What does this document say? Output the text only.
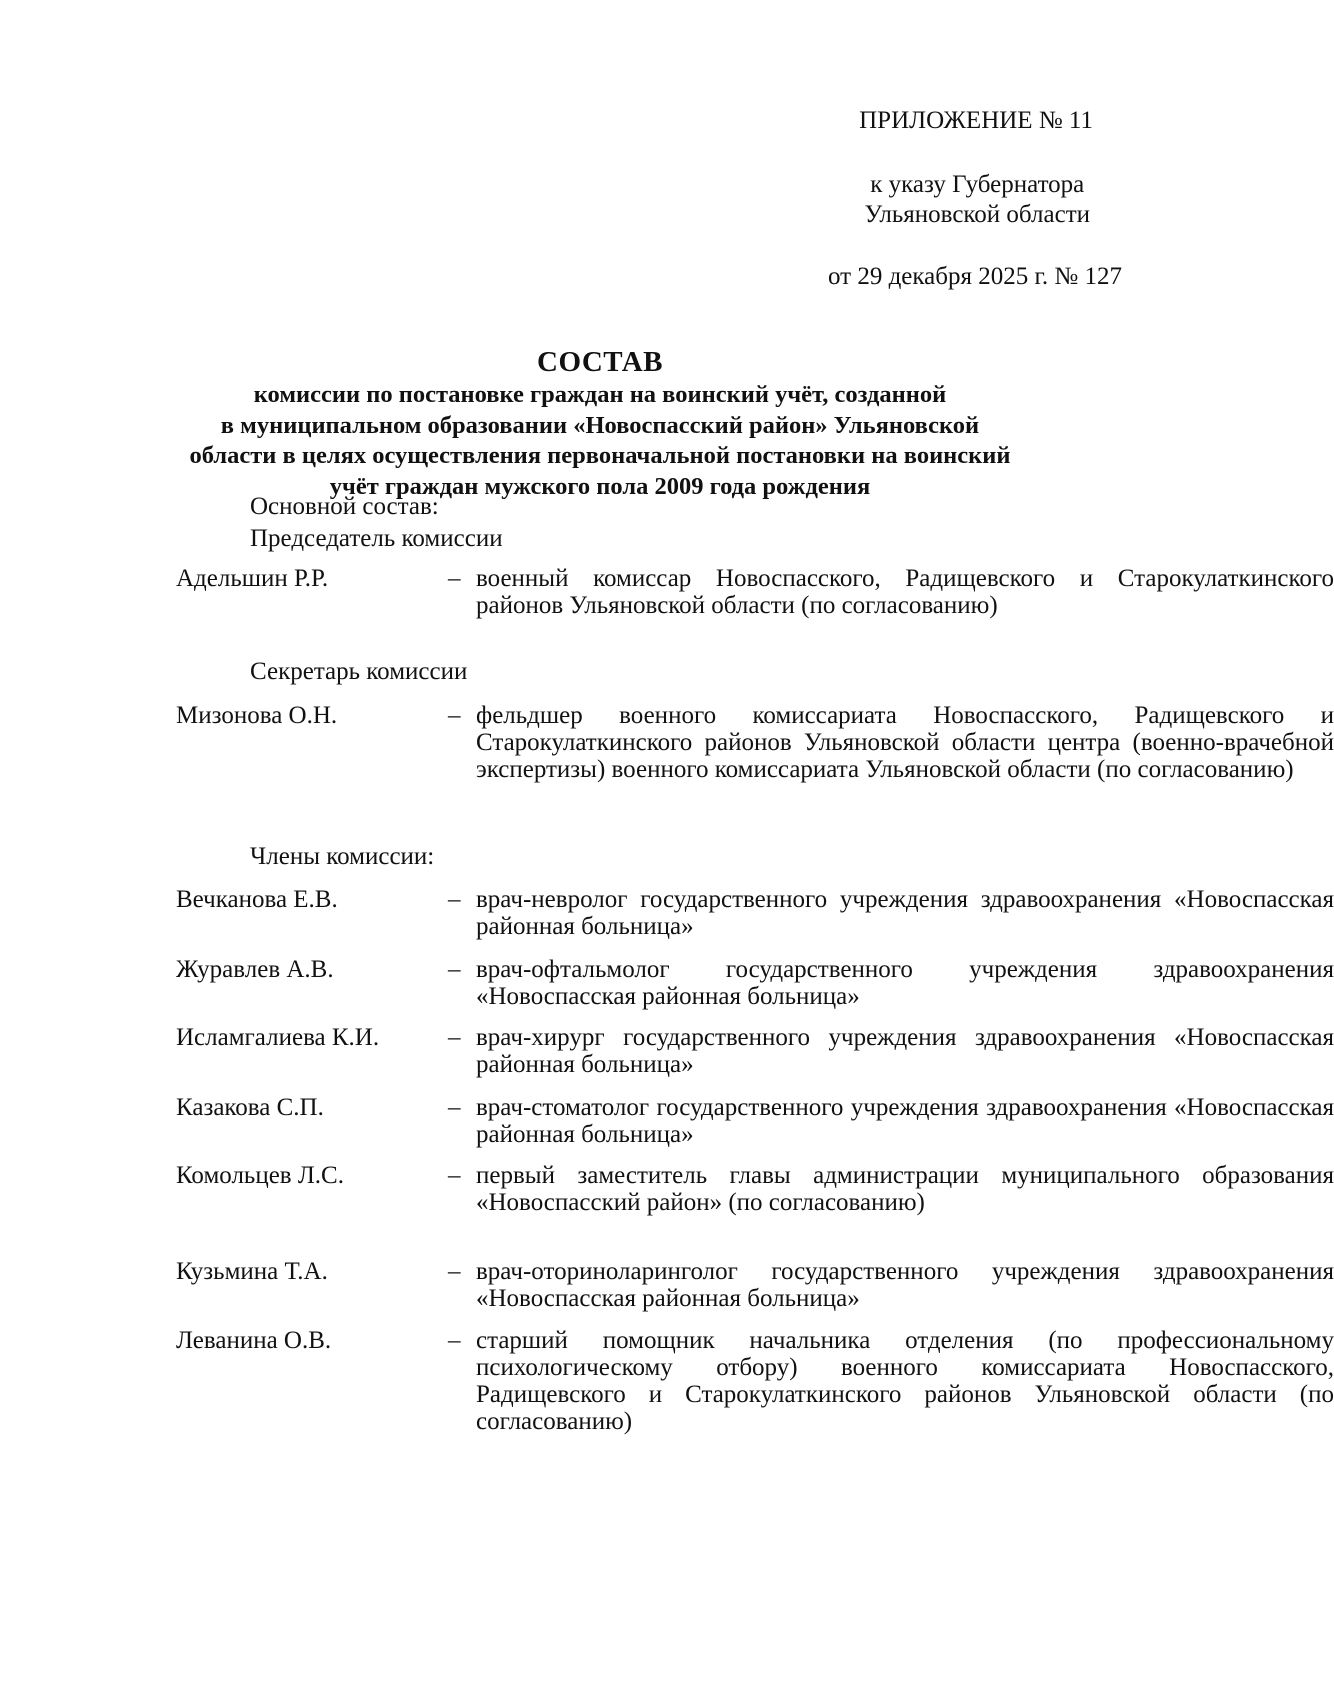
ПРИЛОЖЕНИЕ № 11
к указу Губернатора
Ульяновской области
от 29 декабря 2025 г. № 127
СОСТАВ
комиссии по постановке граждан на воинский учёт, созданной
в муниципальном образовании «Новоспасский район» Ульяновской
области в целях осуществления первоначальной постановки на воинский
учёт граждан мужского пола 2009 года рождения
Основной состав:
Председатель комиссии
Адельшин Р.Р.	– военный комиссар Новоспасского, Радищевского и Старокулаткинского районов Ульяновской области (по согласованию)
Секретарь комиссии
Мизонова О.Н.	– фельдшер военного комиссариата Новоспасского, Радищевского и Старокулаткинского районов Ульяновской области центра (военно-врачебной экспертизы) военного комиссариата Ульяновской области (по согласованию)
Члены комиссии:
Вечканова Е.В.	– врач-невролог государственного учреждения здравоохранения «Новоспасская районная больница»
Журавлев А.В.	– врач-офтальмолог государственного учреждения здравоохранения «Новоспасская районная больница»
Исламгалиева К.И.	– врач-хирург государственного учреждения здравоохранения «Новоспасская районная больница»
Казакова С.П.	– врач-стоматолог государственного учреждения здравоохранения «Новоспасская районная больница»
Комольцев Л.С.	– первый заместитель главы администрации муниципального образования «Новоспасский район» (по согласованию)
Кузьмина Т.А.	– врач-оториноларинголог государственного учреждения здравоохранения «Новоспасская районная больница»
Леванина О.В.	– старший помощник начальника отделения (по профессиональному психологическому отбору) военного комиссариата Новоспасского, Радищевского и Старокулаткинского районов Ульяновской области (по согласованию)
